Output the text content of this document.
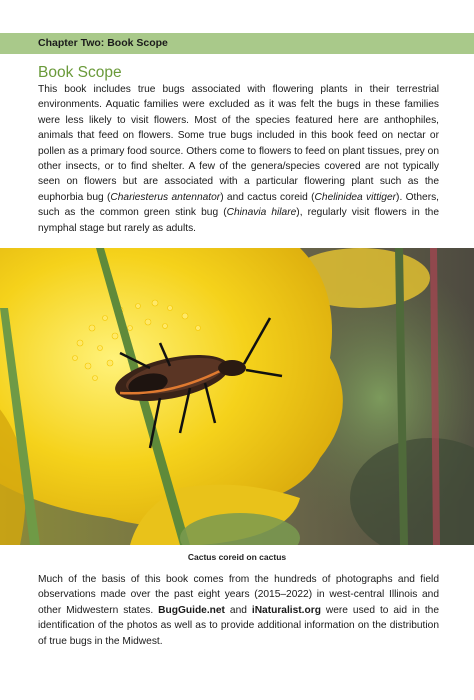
Chapter Two: Book Scope
Book Scope
This book includes true bugs associated with flowering plants in their terrestrial environments. Aquatic families were excluded as it was felt the bugs in these families were less likely to visit flowers. Most of the species featured here are anthophiles, animals that feed on flowers. Some true bugs included in this book feed on nectar or pollen as a primary food source. Others come to flowers to feed on plant tissues, prey on other insects, or to find shelter. A few of the genera/species covered are not typically seen on flowers but are associated with a particular flowering plant such as the euphorbia bug (Chariesterus antennator) and cactus coreid (Chelinidea vittiger). Others, such as the common green stink bug (Chinavia hilare), regularly visit flowers in the nymphal stage but rarely as adults.
Cactus coreid on cactus
Much of the basis of this book comes from the hundreds of photographs and field observations made over the past eight years (2015–2022) in west-central Illinois and other Midwestern states. BugGuide.net and iNaturalist.org were used to aid in the identification of the photos as well as to provide additional information on the distribution of true bugs in the Midwest.
